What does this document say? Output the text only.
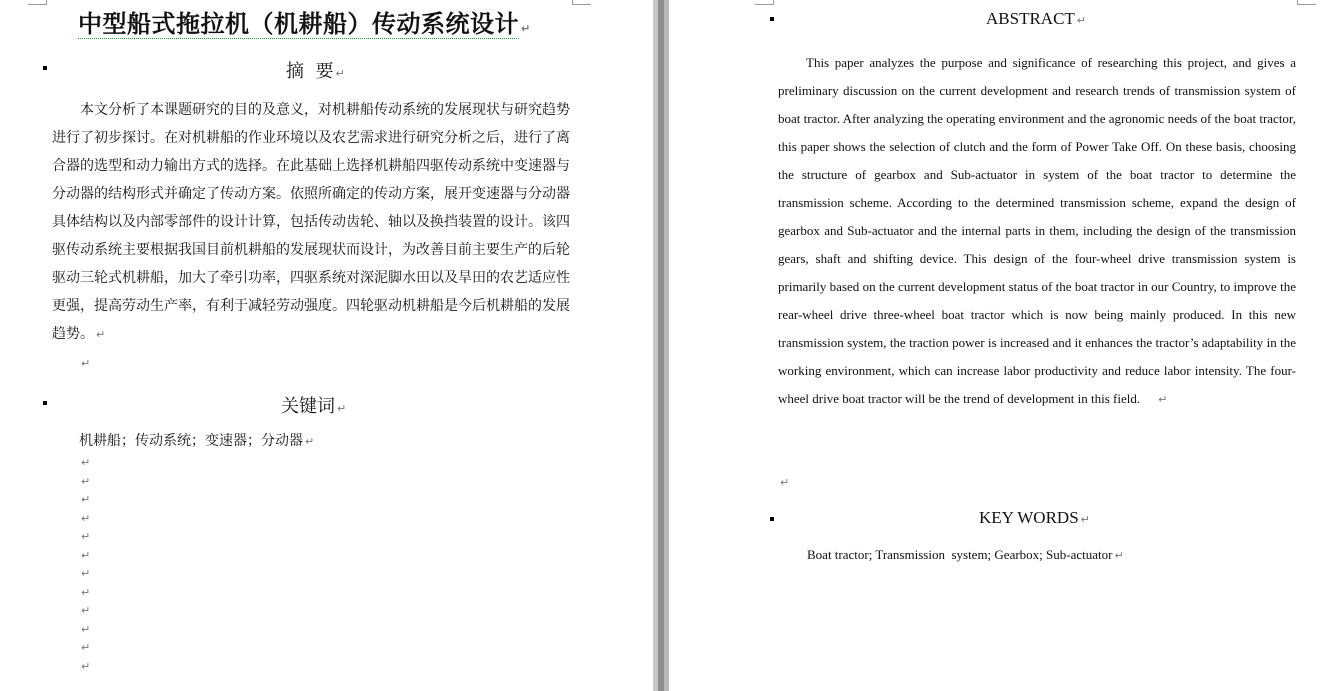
中型船式拖拉机（机耕船）传动系统设计 ↵
摘  要 ↵
本文分析了本课题研究的目的及意义，对机耕船传动系统的发展现状与研究趋势进行了初步探讨。在对机耕船的作业环境以及农艺需求进行研究分析之后，进行了离合器的选型和动力输出方式的选择。在此基础上选择机耕船四驱传动系统中变速器与分动器的结构形式并确定了传动方案。依照所确定的传动方案，展开变速器与分动器具体结构以及内部零部件的设计计算，包括传动齿轮、轴以及换挡装置的设计。该四驱传动系统主要根据我国目前机耕船的发展现状而设计，为改善目前主要生产的后轮驱动三轮式机耕船，加大了牵引功率，四驱系统对深泥脚水田以及旱田的农艺适应性更强，提高劳动生产率，有利于减轻劳动强度。四轮驱动机耕船是今后机耕船的发展趋势。 ↵
↵
关键词 ↵
机耕船；传动系统；变速器；分动器 ↵
↵
↵
↵
↵
↵
↵
↵
↵
↵
↵
↵
↵
ABSTRACT ↵
This paper analyzes the purpose and significance of researching this project, and gives a preliminary discussion on the current development and research trends of transmission system of boat tractor. After analyzing the operating environment and the agronomic needs of the boat tractor, this paper shows the selection of clutch and the form of Power Take Off. On these basis, choosing the structure of gearbox and Sub-actuator in system of the boat tractor to determine the transmission scheme. According to the determined transmission scheme, expand the design of gearbox and Sub-actuator and the internal parts in them, including the design of the transmission gears, shaft and shifting device. This design of the four-wheel drive transmission system is primarily based on the current development status of the boat tractor in our Country, to improve the rear-wheel drive three-wheel boat tractor which is now being mainly produced. In this new transmission system, the traction power is increased and it enhances the tractor’s adaptability in the working environment, which can increase labor productivity and reduce labor intensity. The four-wheel drive boat tractor will be the trend of development in this field. ↵
↵
KEY WORDS ↵
Boat tractor; Transmission  system; Gearbox; Sub-actuator ↵
